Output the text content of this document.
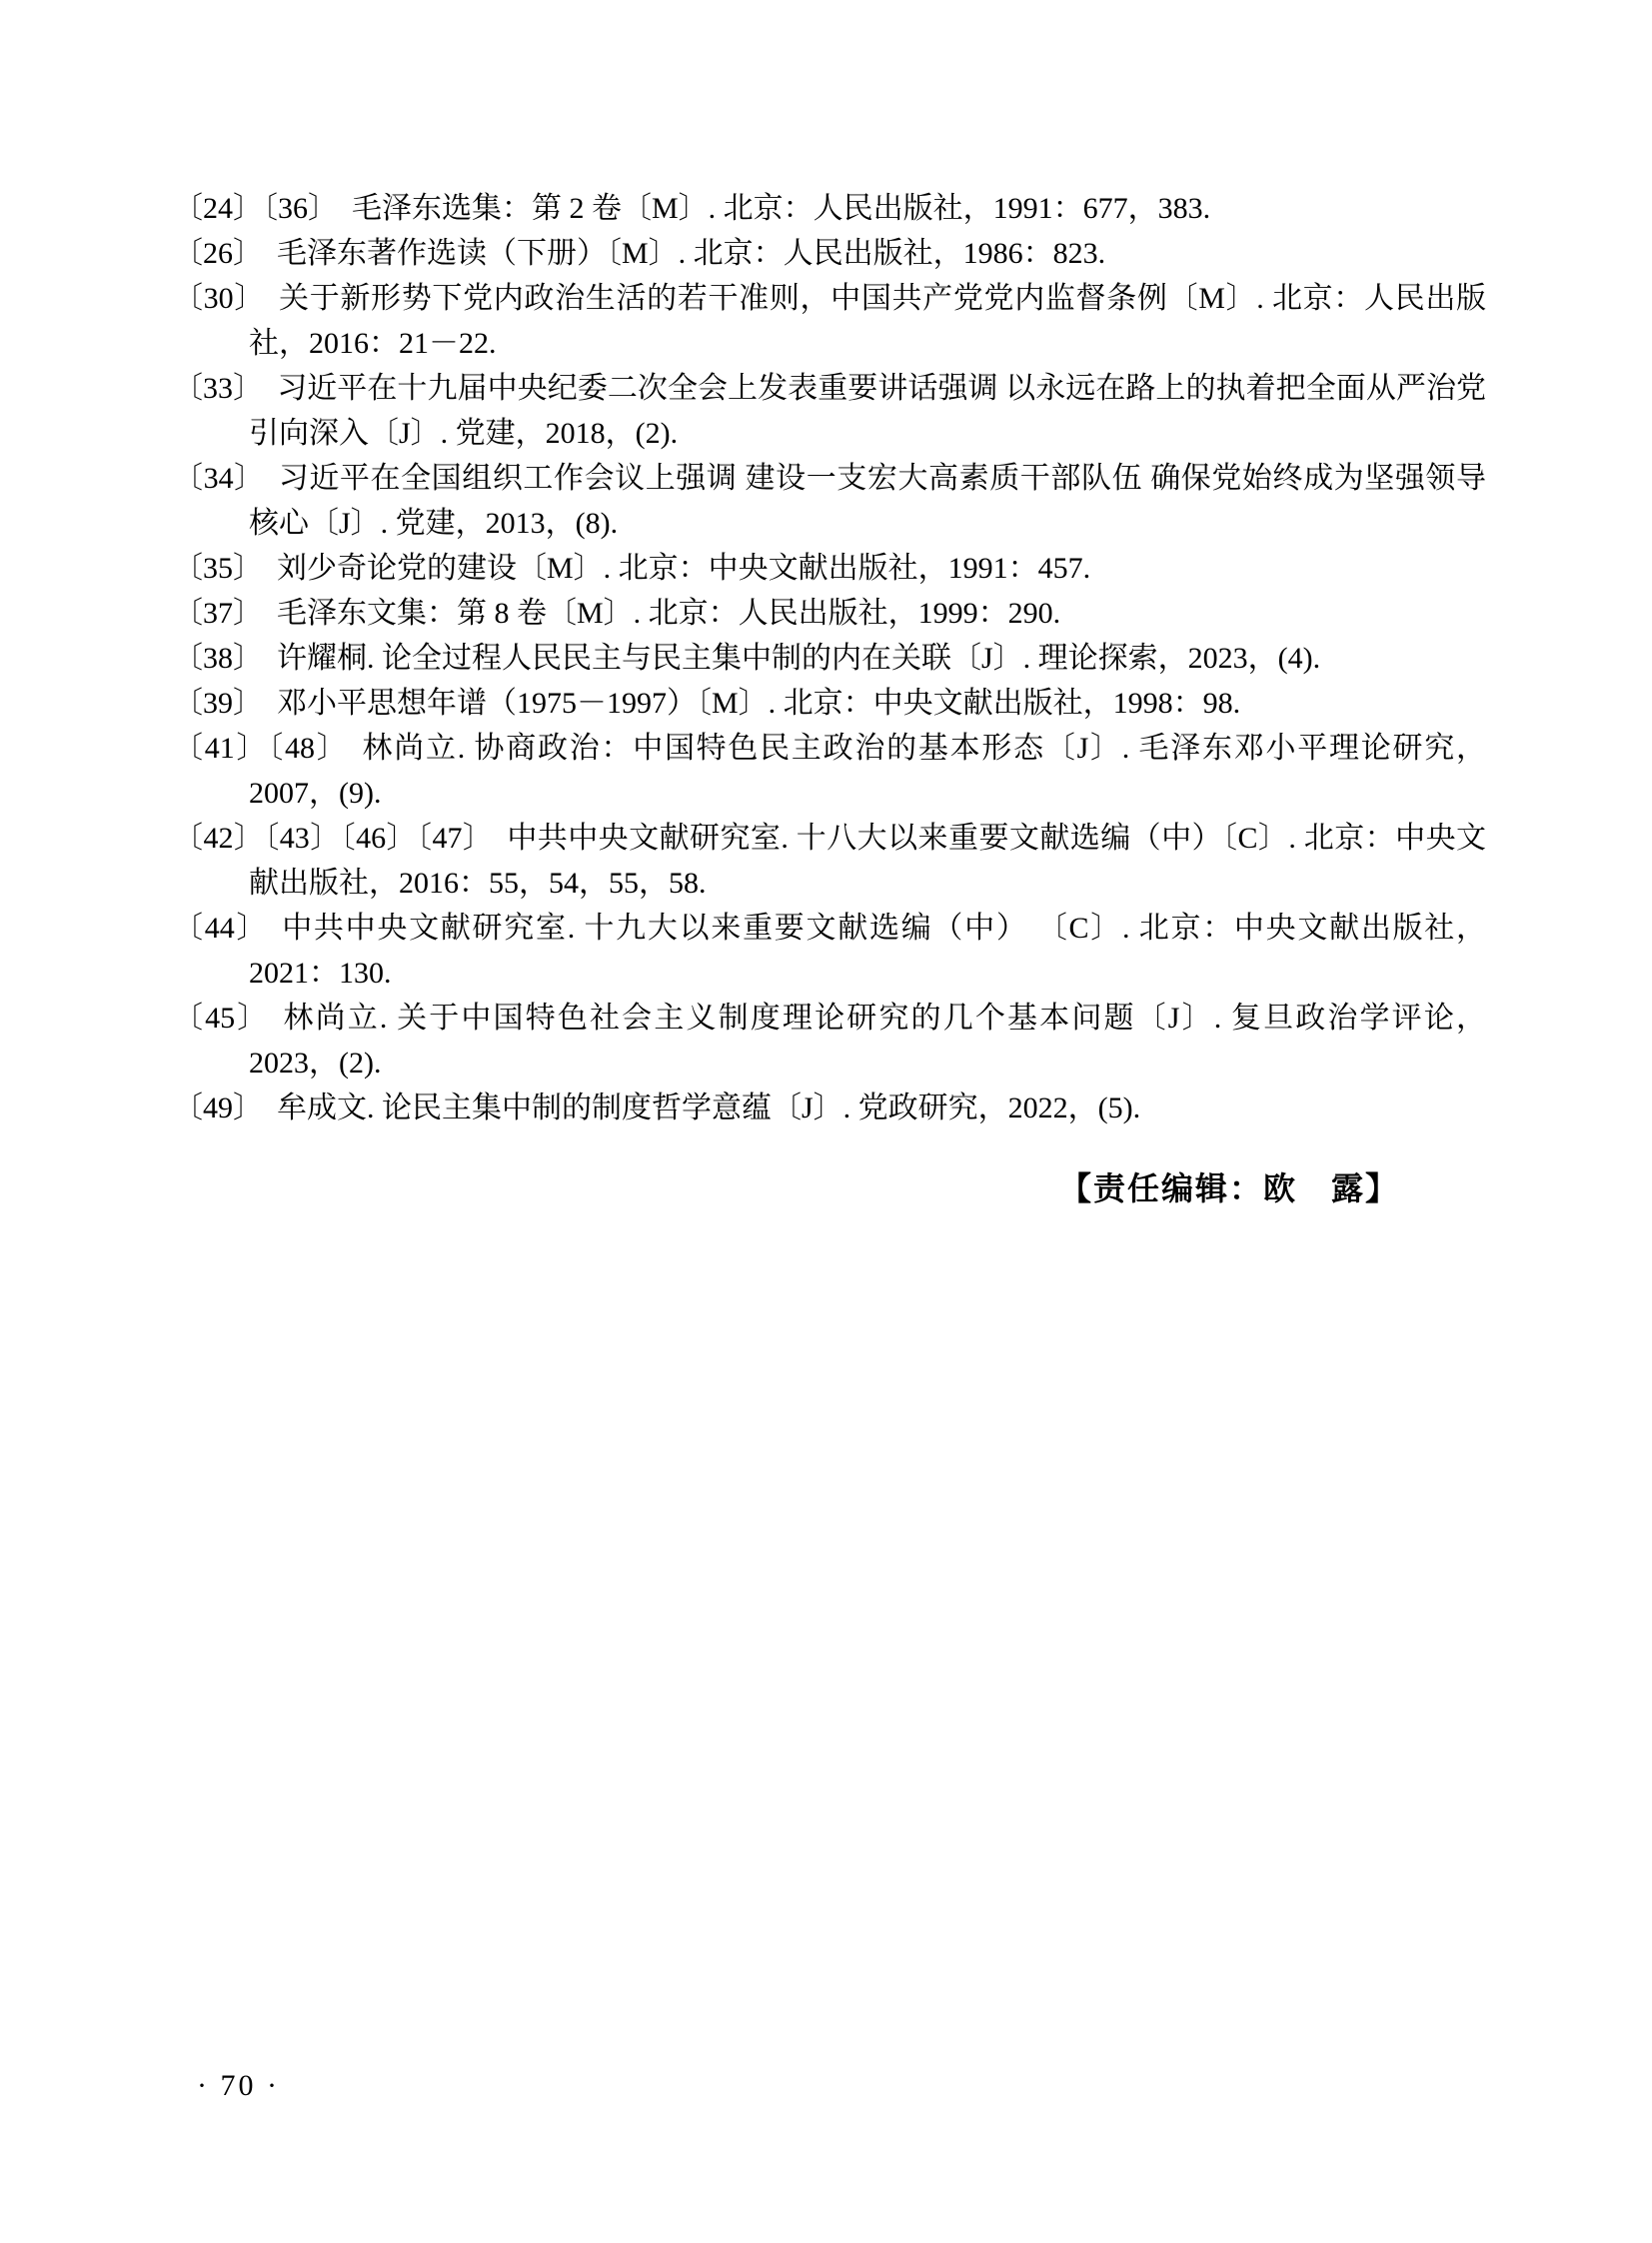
〔24〕〔36〕 毛泽东选集：第 2 卷〔M〕. 北京：人民出版社，1991：677，383.

〔26〕 毛泽东著作选读（下册）〔M〕. 北京：人民出版社，1986：823.

〔30〕 关于新形势下党内政治生活的若干准则，中国共产党党内监督条例〔M〕. 北京：人民出版社，2016：21－22.

〔33〕 习近平在十九届中央纪委二次全会上发表重要讲话强调 以永远在路上的执着把全面从严治党引向深入〔J〕. 党建，2018，(2).

〔34〕 习近平在全国组织工作会议上强调 建设一支宏大高素质干部队伍 确保党始终成为坚强领导核心〔J〕. 党建，2013，(8).

〔35〕 刘少奇论党的建设〔M〕. 北京：中央文献出版社，1991：457.

〔37〕 毛泽东文集：第 8 卷〔M〕. 北京：人民出版社，1999：290.

〔38〕 许耀桐. 论全过程人民民主与民主集中制的内在关联〔J〕. 理论探索，2023，(4).

〔39〕 邓小平思想年谱（1975－1997）〔M〕. 北京：中央文献出版社，1998：98.

〔41〕〔48〕 林尚立. 协商政治：中国特色民主政治的基本形态〔J〕. 毛泽东邓小平理论研究，2007，(9).

〔42〕〔43〕〔46〕〔47〕 中共中央文献研究室. 十八大以来重要文献选编（中）〔C〕. 北京：中央文献出版社，2016：55，54，55，58.

〔44〕 中共中央文献研究室. 十九大以来重要文献选编（中） 〔C〕. 北京：中央文献出版社，2021：130.

〔45〕 林尚立. 关于中国特色社会主义制度理论研究的几个基本问题〔J〕. 复旦政治学评论，2023，(2).

〔49〕 牟成文. 论民主集中制的制度哲学意蕴〔J〕. 党政研究，2022，(5).

【责任编辑：欧　露】
· 70 ·
